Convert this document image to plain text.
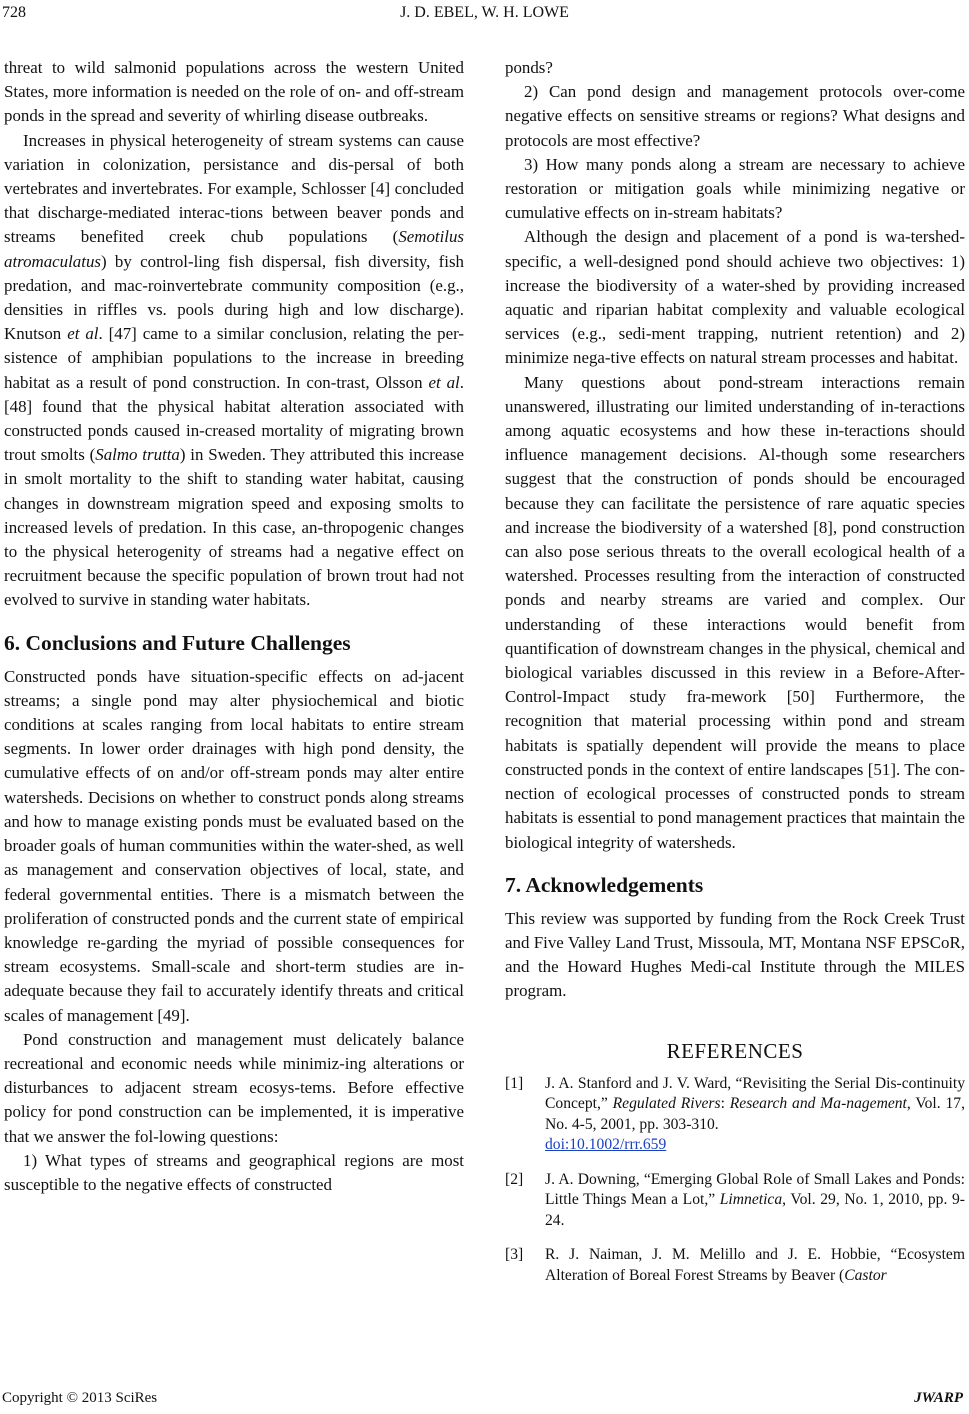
728	J. D. EBEL, W. H. LOWE

threat to wild salmonid populations across the western United States, more information is needed on the role of on- and off-stream ponds in the spread and severity of whirling disease outbreaks.

Increases in physical heterogeneity of stream systems can cause variation in colonization, persistance and dis-persal of both vertebrates and invertebrates. For example, Schlosser [4] concluded that discharge-mediated interac-tions between beaver ponds and streams benefited creek chub populations (Semotilus atromaculatus) by control-ling fish dispersal, fish diversity, fish predation, and mac-roinvertebrate community composition (e.g., densities in riffles vs. pools during high and low discharge). Knutson et al. [47] came to a similar conclusion, relating the per-sistence of amphibian populations to the increase in breeding habitat as a result of pond construction. In con-trast, Olsson et al. [48] found that the physical habitat alteration associated with constructed ponds caused in-creased mortality of migrating brown trout smolts (Salmo trutta) in Sweden. They attributed this increase in smolt mortality to the shift to standing water habitat, causing changes in downstream migration speed and exposing smolts to increased levels of predation. In this case, an-thropogenic changes to the physical heterogenity of streams had a negative effect on recruitment because the specific population of brown trout had not evolved to survive in standing water habitats.

6. Conclusions and Future Challenges

Constructed ponds have situation-specific effects on ad-jacent streams; a single pond may alter physiochemical and biotic conditions at scales ranging from local habitats to entire stream segments. In lower order drainages with high pond density, the cumulative effects of on and/or off-stream ponds may alter entire watersheds. Decisions on whether to construct ponds along streams and how to manage existing ponds must be evaluated based on the broader goals of human communities within the water-shed, as well as management and conservation objectives of local, state, and federal governmental entities. There is a mismatch between the proliferation of constructed ponds and the current state of empirical knowledge re-garding the myriad of possible consequences for stream ecosystems. Small-scale and short-term studies are in-adequate because they fail to accurately identify threats and critical scales of management [49].

Pond construction and management must delicately balance recreational and economic needs while minimiz-ing alterations or disturbances to adjacent stream ecosys-tems. Before effective policy for pond construction can be implemented, it is imperative that we answer the fol-lowing questions:

1) What types of streams and geographical regions are most susceptible to the negative effects of constructed

ponds?

2) Can pond design and management protocols over-come negative effects on sensitive streams or regions? What designs and protocols are most effective?

3) How many ponds along a stream are necessary to achieve restoration or mitigation goals while minimizing negative or cumulative effects on in-stream habitats?

Although the design and placement of a pond is wa-tershed-specific, a well-designed pond should achieve two objectives: 1) increase the biodiversity of a water-shed by providing increased aquatic and riparian habitat complexity and valuable ecological services (e.g., sedi-ment trapping, nutrient retention) and 2) minimize nega-tive effects on natural stream processes and habitat.

Many questions about pond-stream interactions remain unanswered, illustrating our limited understanding of in-teractions among aquatic ecosystems and how these in-teractions should influence management decisions. Al-though some researchers suggest that the construction of ponds should be encouraged because they can facilitate the persistence of rare aquatic species and increase the biodiversity of a watershed [8], pond construction can also pose serious threats to the overall ecological health of a watershed. Processes resulting from the interaction of constructed ponds and nearby streams are varied and complex. Our understanding of these interactions would benefit from quantification of downstream changes in the physical, chemical and biological variables discussed in this review in a Before-After-Control-Impact study fra-mework [50] Furthermore, the recognition that material processing within pond and stream habitats is spatially dependent will provide the means to place constructed ponds in the context of entire landscapes [51]. The con-nection of ecological processes of constructed ponds to stream habitats is essential to pond management practices that maintain the biological integrity of watersheds.

7. Acknowledgements

This review was supported by funding from the Rock Creek Trust and Five Valley Land Trust, Missoula, MT, Montana NSF EPSCoR, and the Howard Hughes Medi-cal Institute through the MILES program.

REFERENCES
[1]	J. A. Stanford and J. V. Ward, “Revisiting the Serial Dis-continuity Concept,” Regulated Rivers: Research and Ma-nagement, Vol. 17, No. 4-5, 2001, pp. 303-310.
doi:10.1002/rrr.659
[2]	J. A. Downing, “Emerging Global Role of Small Lakes and Ponds: Little Things Mean a Lot,” Limnetica, Vol. 29, No. 1, 2010, pp. 9-24.
[3]	R. J. Naiman, J. M. Melillo and J. E. Hobbie, “Ecosystem Alteration of Boreal Forest Streams by Beaver (Castor
Copyright © 2013 SciRes	JWARP
